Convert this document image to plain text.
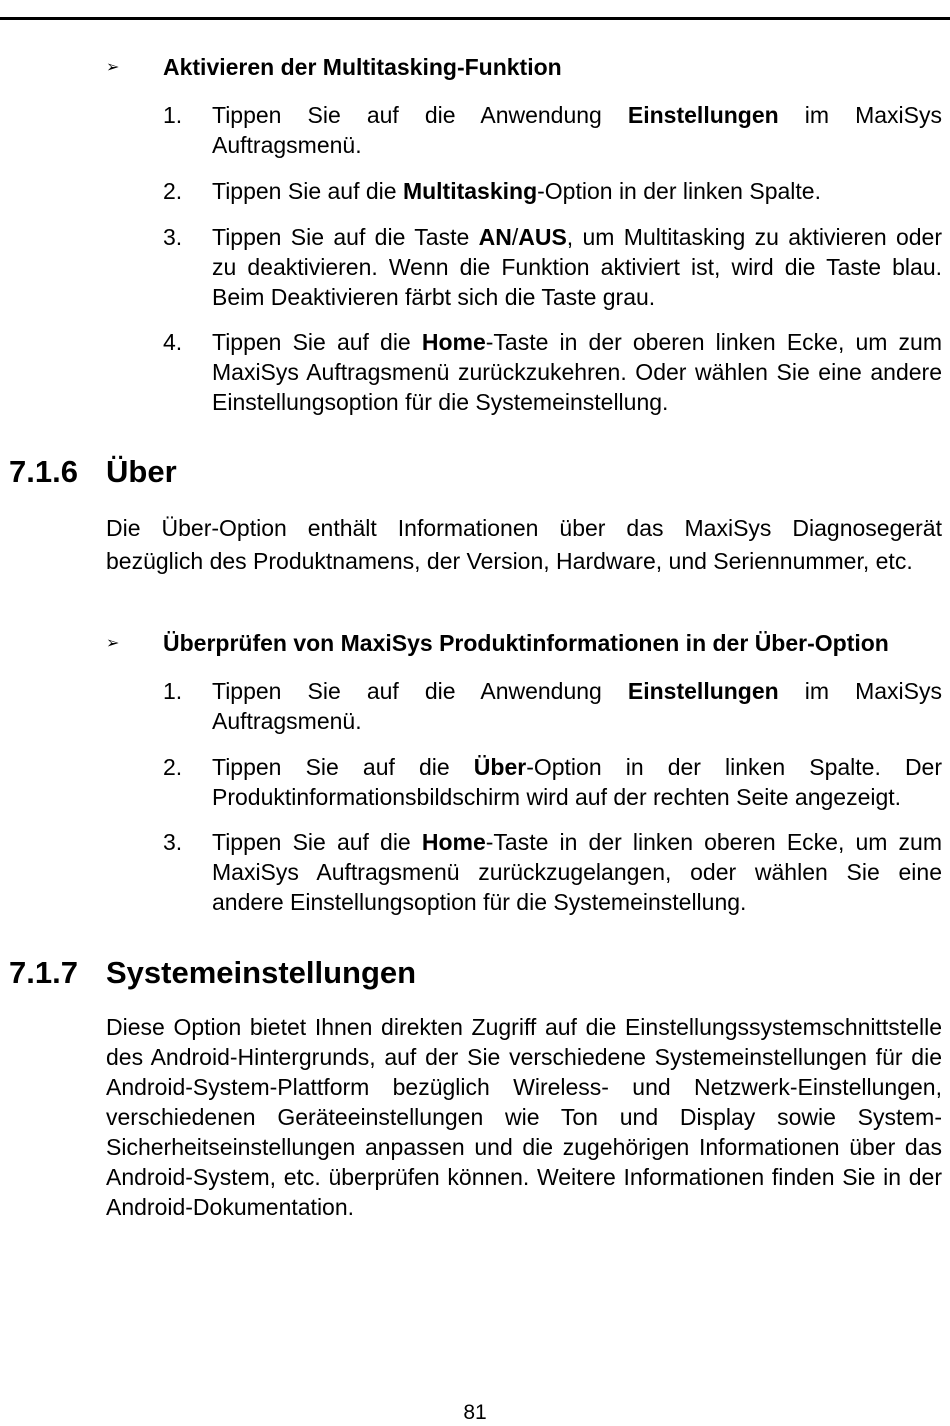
➢ Aktivieren der Multitasking-Funktion
1. Tippen Sie auf die Anwendung Einstellungen im MaxiSys Auftragsmenü.
2. Tippen Sie auf die Multitasking-Option in der linken Spalte.
3. Tippen Sie auf die Taste AN/AUS, um Multitasking zu aktivieren oder zu deaktivieren. Wenn die Funktion aktiviert ist, wird die Taste blau. Beim Deaktivieren färbt sich die Taste grau.
4. Tippen Sie auf die Home-Taste in der oberen linken Ecke, um zum MaxiSys Auftragsmenü zurückzukehren. Oder wählen Sie eine andere Einstellungsoption für die Systemeinstellung.
7.1.6 Über
Die Über-Option enthält Informationen über das MaxiSys Diagnosegerät bezüglich des Produktnamens, der Version, Hardware, und Seriennummer, etc.
➢ Überprüfen von MaxiSys Produktinformationen in der Über-Option
1. Tippen Sie auf die Anwendung Einstellungen im MaxiSys Auftragsmenü.
2. Tippen Sie auf die Über-Option in der linken Spalte. Der Produktinformationsbildschirm wird auf der rechten Seite angezeigt.
3. Tippen Sie auf die Home-Taste in der linken oberen Ecke, um zum MaxiSys Auftragsmenü zurückzugelangen, oder wählen Sie eine andere Einstellungsoption für die Systemeinstellung.
7.1.7 Systemeinstellungen
Diese Option bietet Ihnen direkten Zugriff auf die Einstellungssystemschnittstelle des Android-Hintergrunds, auf der Sie verschiedene Systemeinstellungen für die Android-System-Plattform bezüglich Wireless- und Netzwerk-Einstellungen, verschiedenen Geräteeinstellungen wie Ton und Display sowie System-Sicherheitseinstellungen anpassen und die zugehörigen Informationen über das Android-System, etc. überprüfen können. Weitere Informationen finden Sie in der Android-Dokumentation.
81
